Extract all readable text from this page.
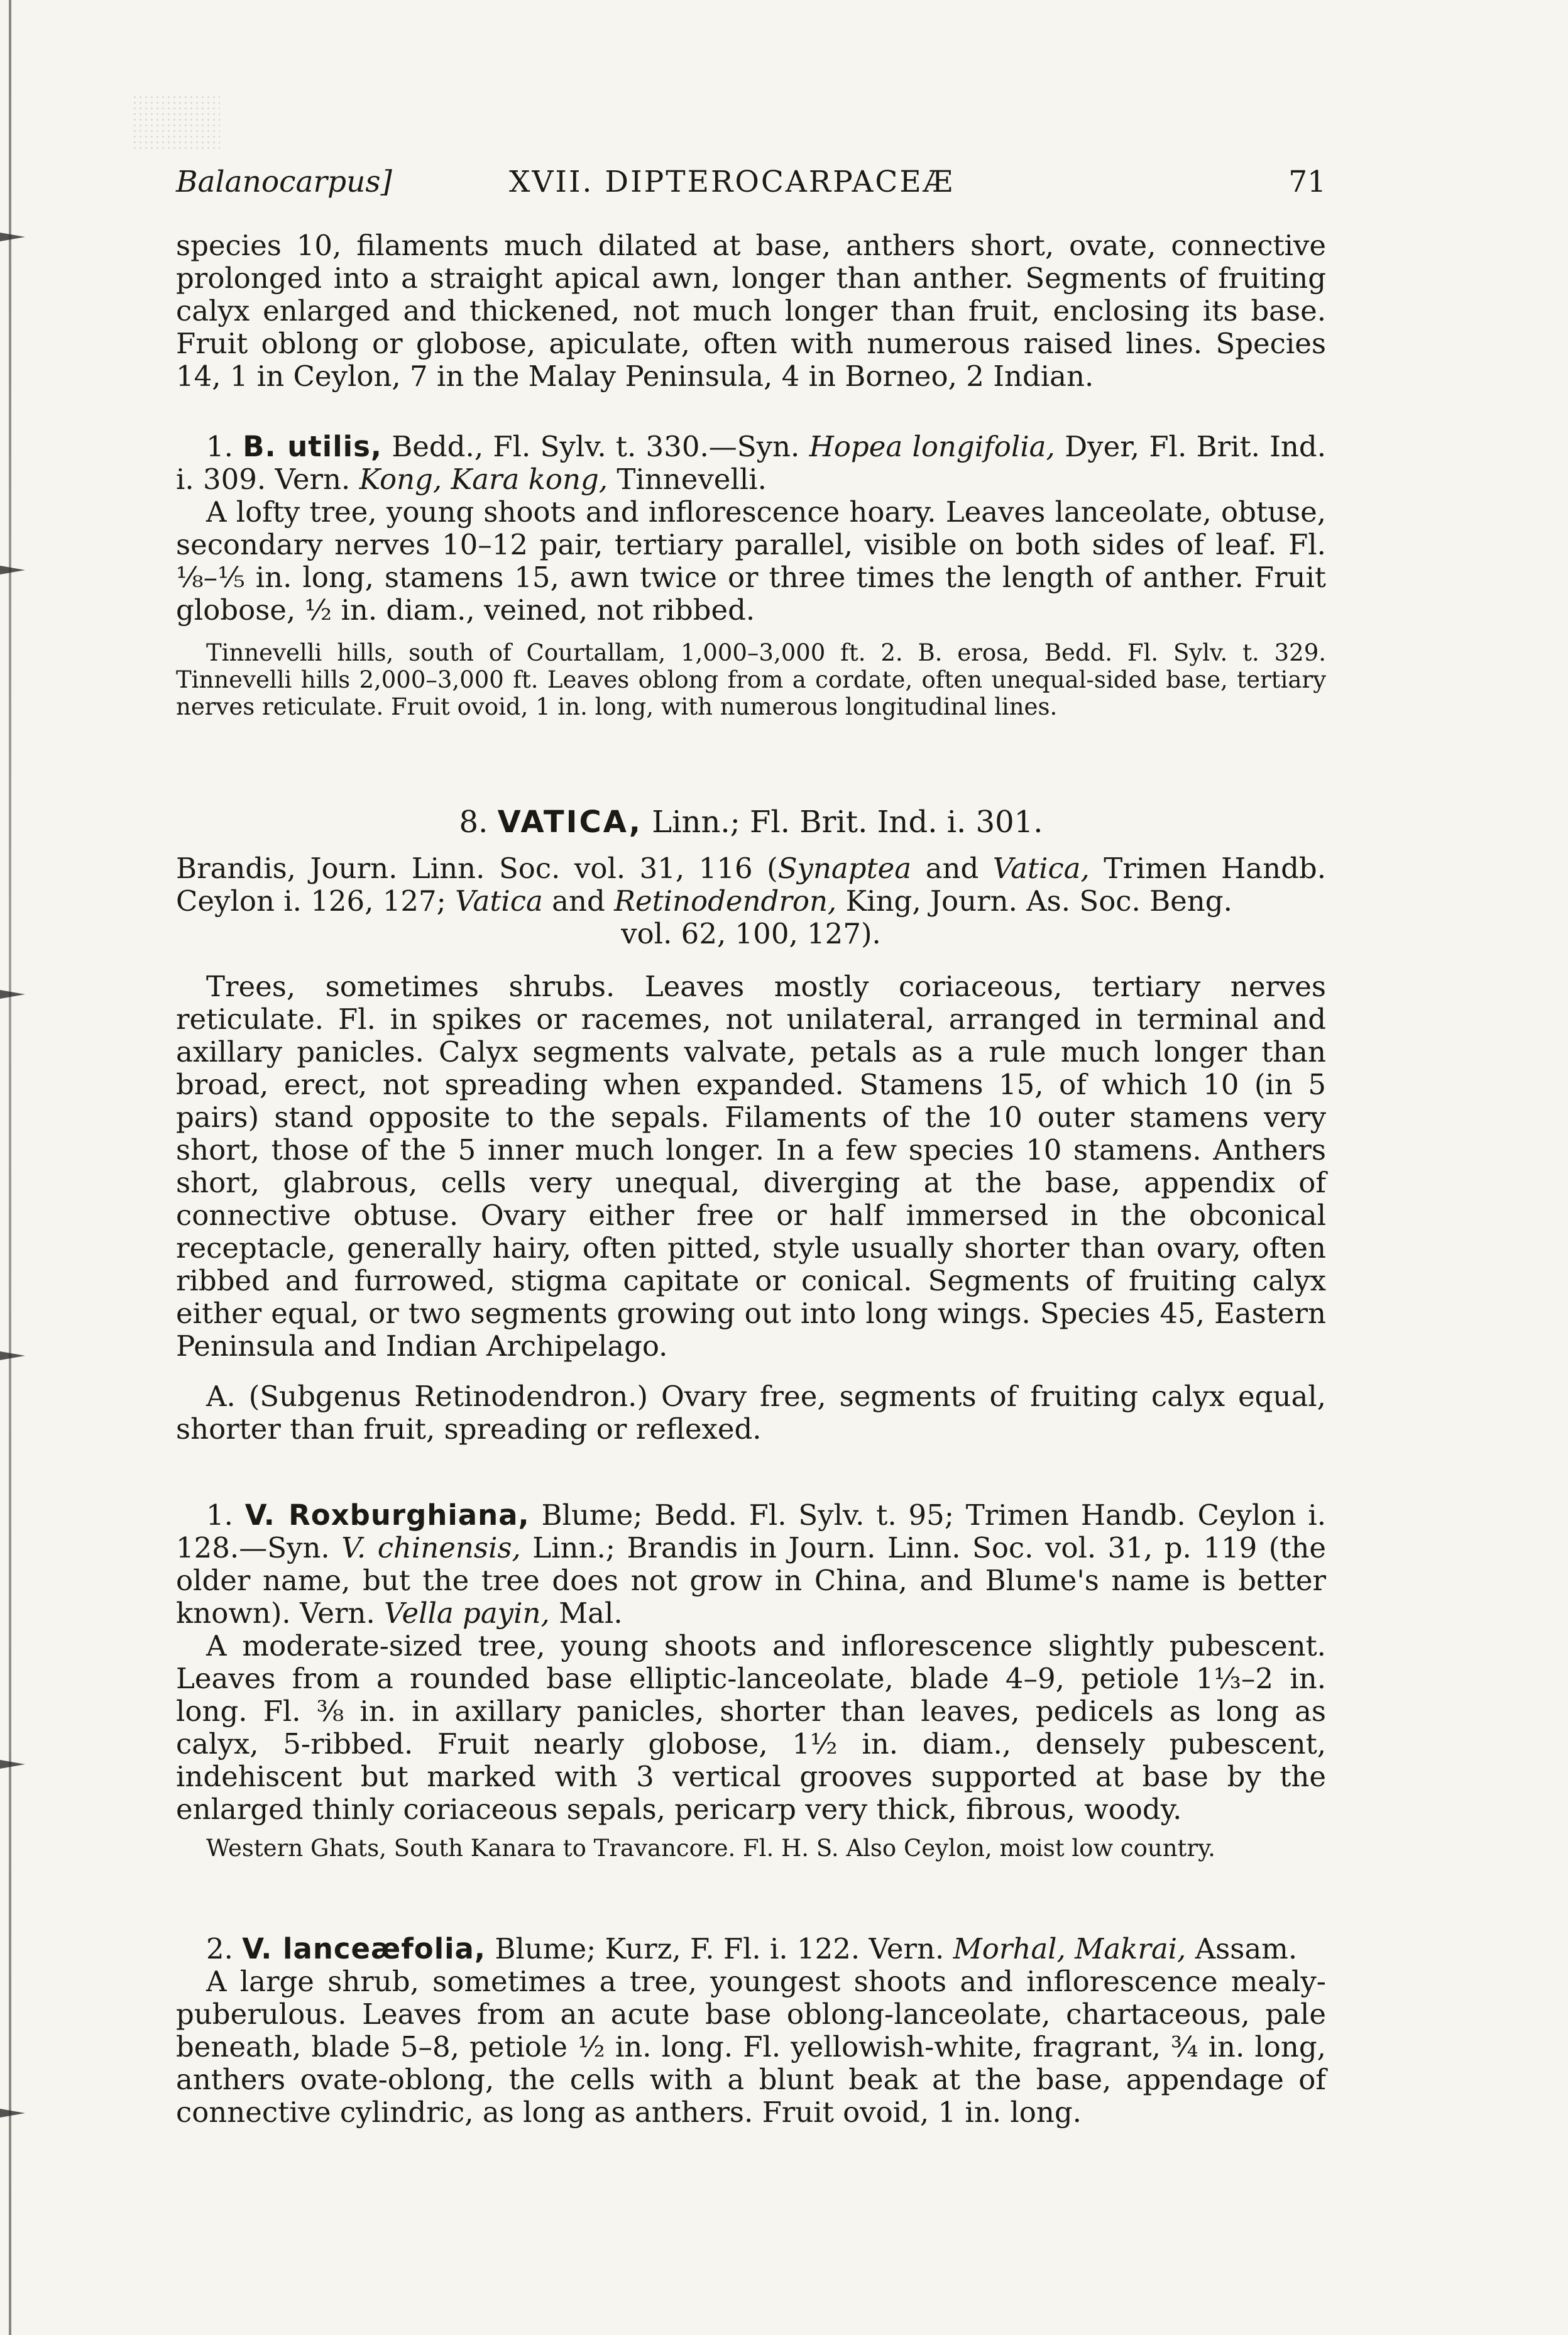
Balanocarpus]	XVII. DIPTEROCARPACEÆ	71

species 10, filaments much dilated at base, anthers short, ovate, connective prolonged into a straight apical awn, longer than anther. Segments of fruiting calyx enlarged and thickened, not much longer than fruit, enclosing its base. Fruit oblong or globose, apiculate, often with numerous raised lines. Species 14, 1 in Ceylon, 7 in the Malay Peninsula, 4 in Borneo, 2 Indian.

1. B. utilis, Bedd., Fl. Sylv. t. 330.—Syn. Hopea longifolia, Dyer, Fl. Brit. Ind. i. 309. Vern. Kong, Kara kong, Tinnevelli.

A lofty tree, young shoots and inflorescence hoary. Leaves lanceolate, obtuse, secondary nerves 10–12 pair, tertiary parallel, visible on both sides of leaf. Fl. ⅛–⅕ in. long, stamens 15, awn twice or three times the length of anther. Fruit globose, ½ in. diam., veined, not ribbed.

Tinnevelli hills, south of Courtallam, 1,000–3,000 ft. 2. B. erosa, Bedd. Fl. Sylv. t. 329. Tinnevelli hills 2,000–3,000 ft. Leaves oblong from a cordate, often unequal-sided base, tertiary nerves reticulate. Fruit ovoid, 1 in. long, with numerous longitudinal lines.

8. VATICA, Linn.; Fl. Brit. Ind. i. 301.

Brandis, Journ. Linn. Soc. vol. 31, 116 (Synaptea and Vatica, Trimen Handb. Ceylon i. 126, 127; Vatica and Retinodendron, King, Journ. As. Soc. Beng.

vol. 62, 100, 127).

Trees, sometimes shrubs. Leaves mostly coriaceous, tertiary nerves reticulate. Fl. in spikes or racemes, not unilateral, arranged in terminal and axillary panicles. Calyx segments valvate, petals as a rule much longer than broad, erect, not spreading when expanded. Stamens 15, of which 10 (in 5 pairs) stand opposite to the sepals. Filaments of the 10 outer stamens very short, those of the 5 inner much longer. In a few species 10 stamens. Anthers short, glabrous, cells very unequal, diverging at the base, appendix of connective obtuse. Ovary either free or half immersed in the obconical receptacle, generally hairy, often pitted, style usually shorter than ovary, often ribbed and furrowed, stigma capitate or conical. Segments of fruiting calyx either equal, or two segments growing out into long wings. Species 45, Eastern Peninsula and Indian Archipelago.

A. (Subgenus Retinodendron.) Ovary free, segments of fruiting calyx equal, shorter than fruit, spreading or reflexed.

1. V. Roxburghiana, Blume; Bedd. Fl. Sylv. t. 95; Trimen Handb. Ceylon i. 128.—Syn. V. chinensis, Linn.; Brandis in Journ. Linn. Soc. vol. 31, p. 119 (the older name, but the tree does not grow in China, and Blume's name is better known). Vern. Vella payin, Mal.

A moderate-sized tree, young shoots and inflorescence slightly pubescent. Leaves from a rounded base elliptic-lanceolate, blade 4–9, petiole 1⅓–2 in. long. Fl. ⅜ in. in axillary panicles, shorter than leaves, pedicels as long as calyx, 5-ribbed. Fruit nearly globose, 1½ in. diam., densely pubescent, indehiscent but marked with 3 vertical grooves supported at base by the enlarged thinly coriaceous sepals, pericarp very thick, fibrous, woody.

Western Ghats, South Kanara to Travancore. Fl. H. S. Also Ceylon, moist low country.

2. V. lanceæfolia, Blume; Kurz, F. Fl. i. 122. Vern. Morhal, Makrai, Assam.

A large shrub, sometimes a tree, youngest shoots and inflorescence mealy-puberulous. Leaves from an acute base oblong-lanceolate, chartaceous, pale beneath, blade 5–8, petiole ½ in. long. Fl. yellowish-white, fragrant, ¾ in. long, anthers ovate-oblong, the cells with a blunt beak at the base, appendage of connective cylindric, as long as anthers. Fruit ovoid, 1 in. long.
